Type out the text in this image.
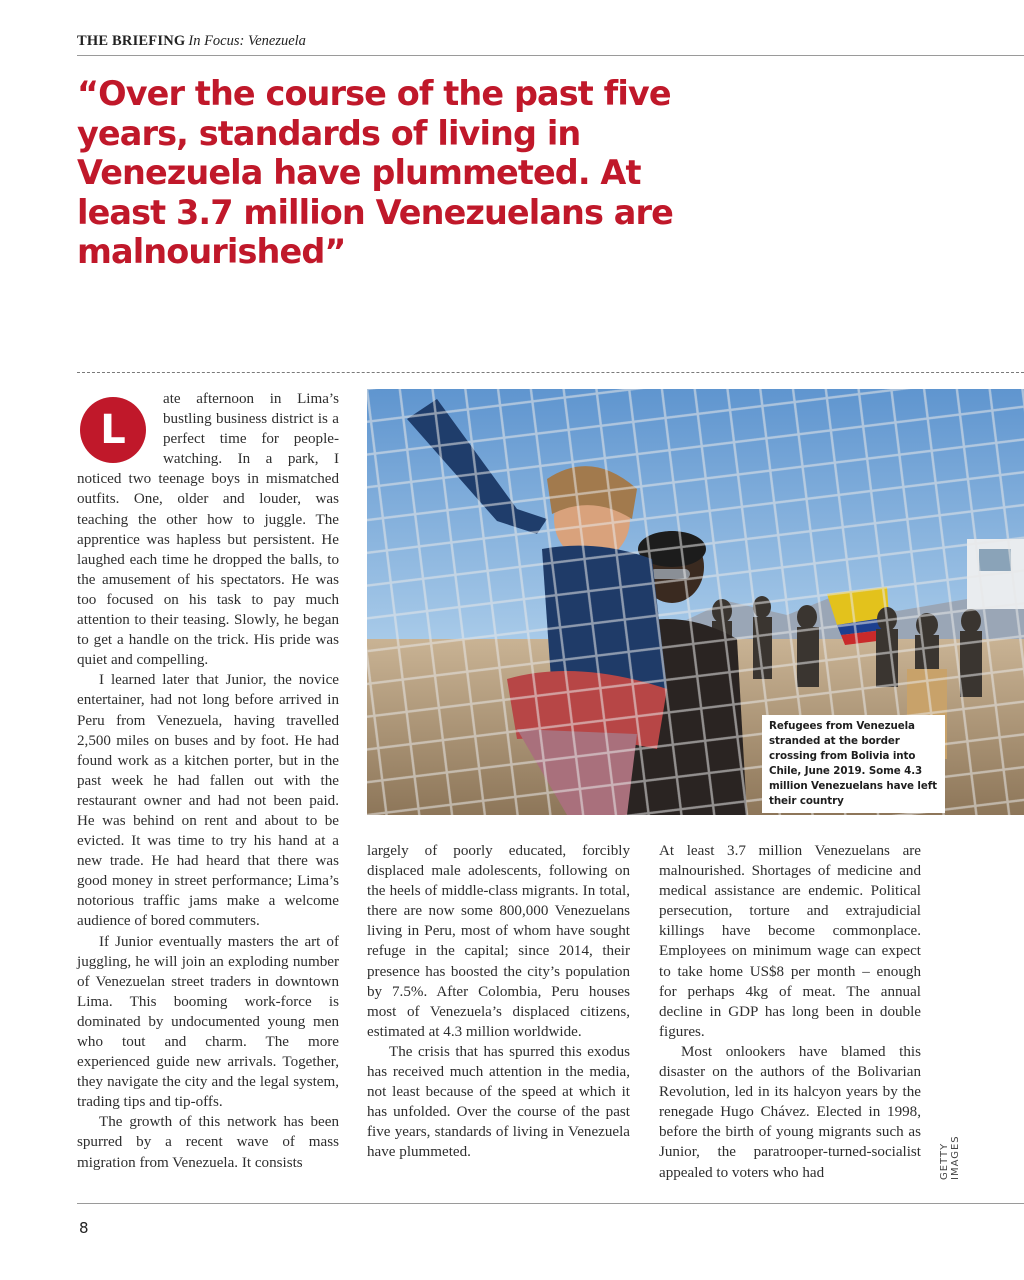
THE BRIEFING In Focus: Venezuela
“Over the course of the past five years, standards of living in Venezuela have plummeted. At least 3.7 million Venezuelans are malnourished”

L
ate afternoon in Lima’s bustling business district is a perfect time for people-watching. In a park, I noticed two teenage boys in mismatched outfits. One, older and louder, was teaching the other how to juggle. The apprentice was hapless but persistent. He laughed each time he dropped the balls, to the amusement of his spectators. He was too focused on his task to pay much attention to their teasing. Slowly, he began to get a handle on the trick. His pride was quiet and compelling.

I learned later that Junior, the novice entertainer, had not long before arrived in Peru from Venezuela, having travelled 2,500 miles on buses and by foot. He had found work as a kitchen porter, but in the past week he had fallen out with the restaurant owner and had not been paid. He was behind on rent and about to be evicted. It was time to try his hand at a new trade. He had heard that there was good money in street performance; Lima’s notorious traffic jams make a welcome audience of bored commuters.

If Junior eventually masters the art of juggling, he will join an exploding number of Venezuelan street traders in downtown Lima. This booming work-force is dominated by undocumented young men who tout and charm. The more experienced guide new arrivals. Together, they navigate the city and the legal system, trading tips and tip-offs.

The growth of this network has been spurred by a recent wave of mass migration from Venezuela. It consists

Refugees from Venezuela stranded at the border crossing from Bolivia into Chile, June 2019. Some 4.3 million Venezuelans have left their country

largely of poorly educated, forcibly displaced male adolescents, following on the heels of middle-class migrants. In total, there are now some 800,000 Venezuelans living in Peru, most of whom have sought refuge in the capital; since 2014, their presence has boosted the city’s population by 7.5%. After Colombia, Peru houses most of Venezuela’s displaced citizens, estimated at 4.3 million worldwide.

The crisis that has spurred this exodus has received much attention in the media, not least because of the speed at which it has unfolded. Over the course of the past five years, standards of living in Venezuela have plummeted.

At least 3.7 million Venezuelans are malnourished. Shortages of medicine and medical assistance are endemic. Political persecution, torture and extrajudicial killings have become commonplace. Employees on minimum wage can expect to take home US$8 per month – enough for perhaps 4kg of meat. The annual decline in GDP has long been in double figures.

Most onlookers have blamed this disaster on the authors of the Bolivarian Revolution, led in its halcyon years by the renegade Hugo Chávez. Elected in 1998, before the birth of young migrants such as Junior, the paratrooper-turned-socialist appealed to voters who had	GETTY IMAGES
8
